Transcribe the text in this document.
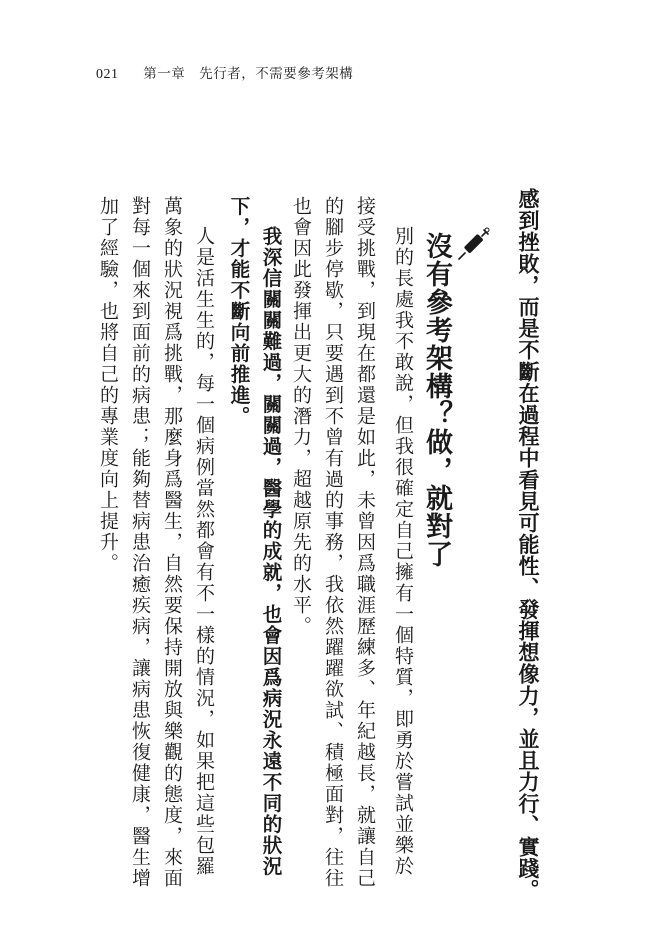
021 第一章　先行者，不需要參考架構
感到挫敗，而是不斷在過程中看見可能性、發揮想像力，並且力行、實踐。
沒有參考架構？做，就對了
別的長處我不敢說，但我很確定自己擁有一個特質，即勇於嘗試並樂於
接受挑戰，到現在都還是如此，未曾因爲職涯歷練多、年紀越長，就讓自己
的腳步停歇，只要遇到不曾有過的事務，我依然躍躍欲試、積極面對，往往
也會因此發揮出更大的潛力，超越原先的水平。
我深信關關難過，關關過，醫學的成就，也會因爲病況永遠不同的狀況
下，才能不斷向前推進。
人是活生生的，每一個病例當然都會有不一樣的情況，如果把這些包羅
萬象的狀況視爲挑戰，那麼身爲醫生，自然要保持開放與樂觀的態度，來面
對每一個來到面前的病患；能夠替病患治癒疾病，讓病患恢復健康，醫生增
加了經驗，也將自己的專業度向上提升。
